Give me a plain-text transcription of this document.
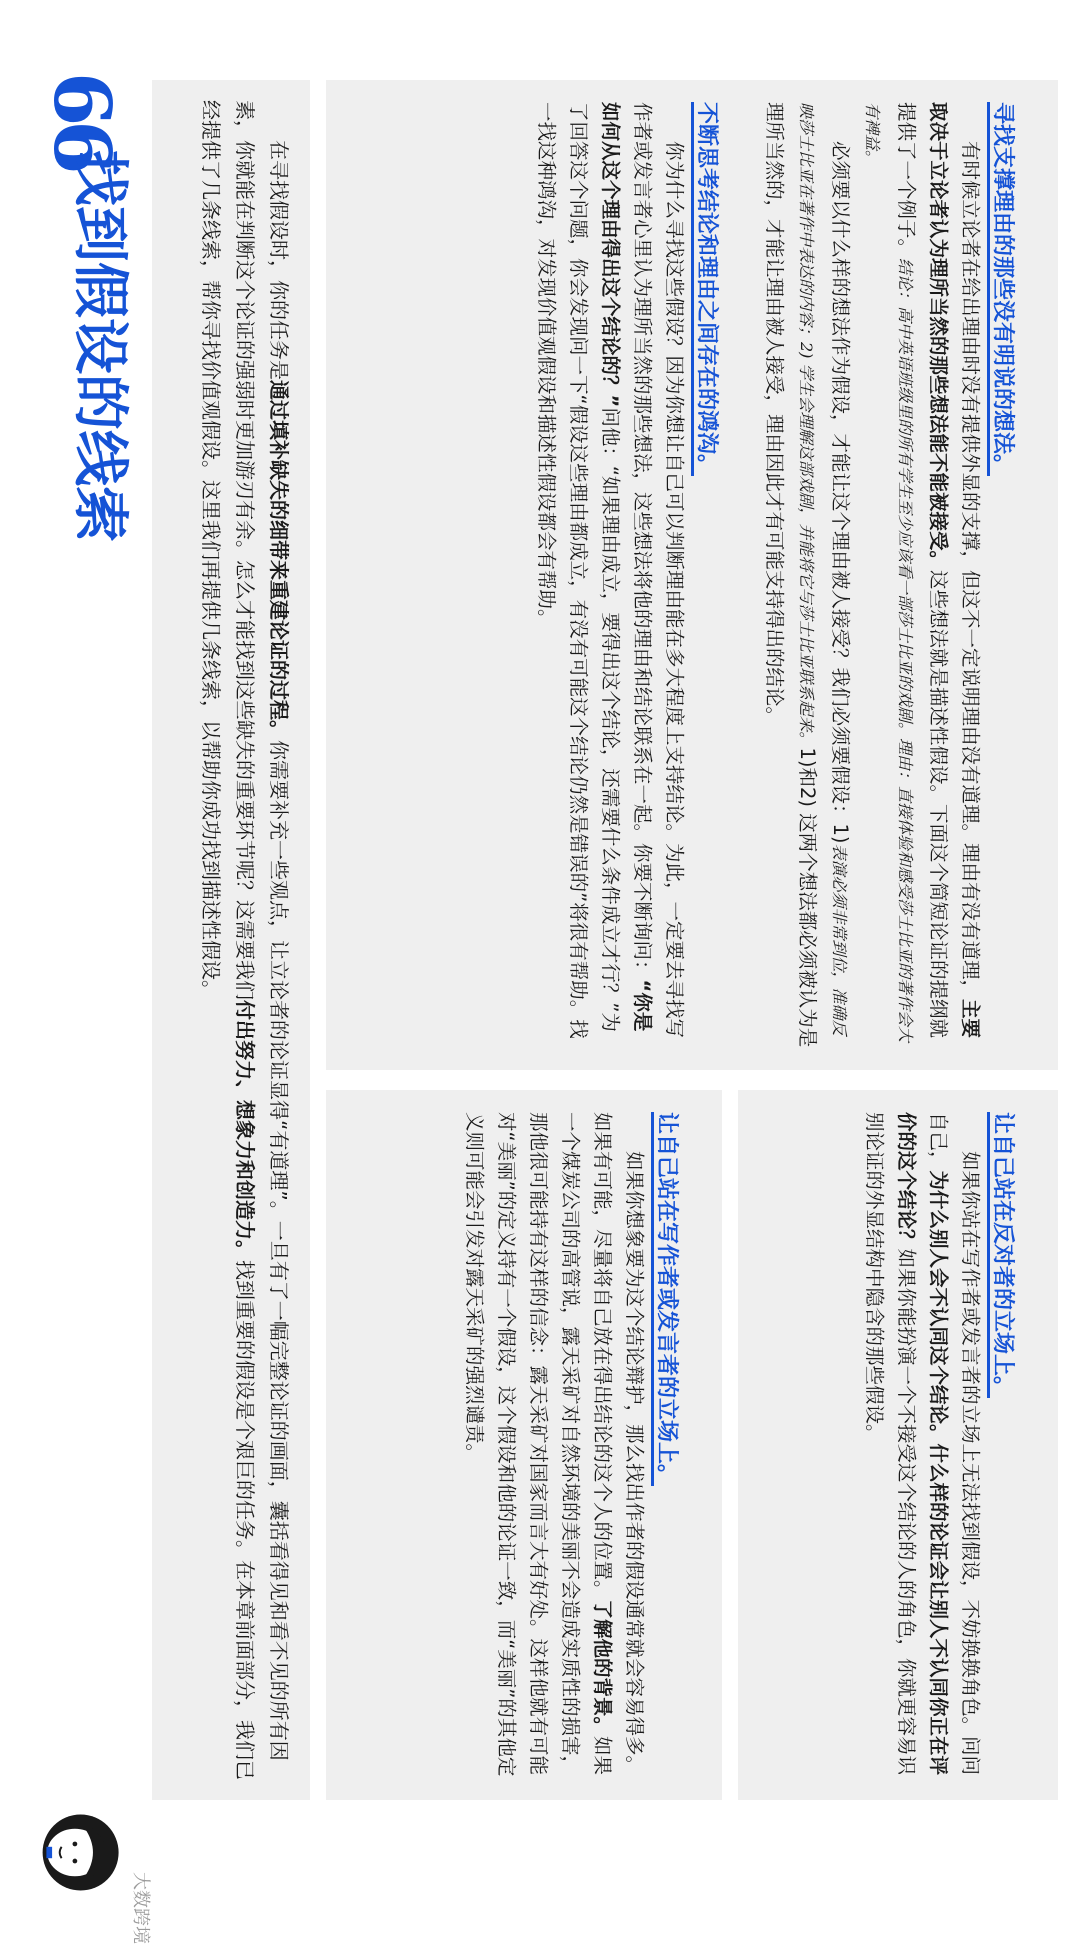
66
找到假设的线索	在寻找假设时，你的任务是通过填补缺失的细带来重建论证的过程。你需要补充一些观点，让立论者的论证显得“有道理”。一旦有了一幅完整论证的画面，囊括看得见和看不见的所有因素，你就能在判断这个论证的强弱时更加游刃有余。怎么才能找到这些缺失的重要环节呢？这需要我们付出努力、想象力和创造力。找到重要的假设是个艰巨的任务。在本章前面部分，我们已经提供了几条线索，帮你寻找价值观假设。这里我们再提供几条线索，以帮助你成功找到描述性假设。	不断思考结论和理由之间存在的鸿沟。

你为什么寻找这些假设？因为你想让自己可以判断理由能在多大程度上支持结论。为此，一定要去寻找写作者或发言者心里认为理所当然的那些想法，这些想法将他的理由和结论联系在一起。你要不断询问：“你是如何从这个理由得出这个结论的？”问他：“如果理由成立，要得出这个结论，还需要什么条件成立才行？”为了回答这个问题，你会发现问一下“假设这些理由都成立，有没有可能这个结论仍然是错误的”将很有帮助。找一找这种鸿沟，对发现价值观假设和描述性假设都会有帮助。	寻找支撑理由的那些没有明说的想法。

有时候立论者在给出理由时没有提供外显的支撑，但这不一定说明理由没有道理。理由有没有道理，主要取决于立论者认为理所当然的那些想法能不能被接受。这些想法就是描述性假设。下面这个简短论证的提纲就提供了一个例子。结论：高中英语班级里的所有学生至少应该看一部莎士比亚的戏剧。理由：直接体验和感受莎士比亚的著作会大有裨益。

必须要以什么样的想法作为假设，才能让这个理由被人接受？我们必须要假设：1)表演必须非常到位，准确反映莎士比亚在著作中表达的内容；2) 学生会理解这部戏剧，并能将它与莎士比亚联系起来。1)和2) 这两个想法都必须被认为是理所当然的，才能让理由被人接受，理由因此才有可能支持得出的结论。

让自己站在写作者或发言者的立场上。

如果你想象要为这个结论辩护，那么找出作者的假设通常就会容易得多。如果有可能，尽量将自己放在得出结论的这个人的位置。了解他的背景。如果一个煤炭公司的高管说，露天采矿对自然环境的美丽不会造成实质性的损害，那他很可能持有这样的信念：露天采矿对国家而言大有好处。这样他就有可能对“美丽”的定义持有一个假设，这个假设和他的论证一致，而“美丽”的其他定义则可能会引发对露天采矿的强烈谴责。	让自己站在反对者的立场上。

如果你站在写作者或发言者的立场上无法找到假设，不妨换换角色。问问自己，为什么别人会不认同这个结论。什么样的论证会让别人不认同你正在评价的这个结论？如果你能扮演一个不接受这个结论的人的角色，你就更容易识别论证的外显结构中隐含的那些假设。

大数跨境
